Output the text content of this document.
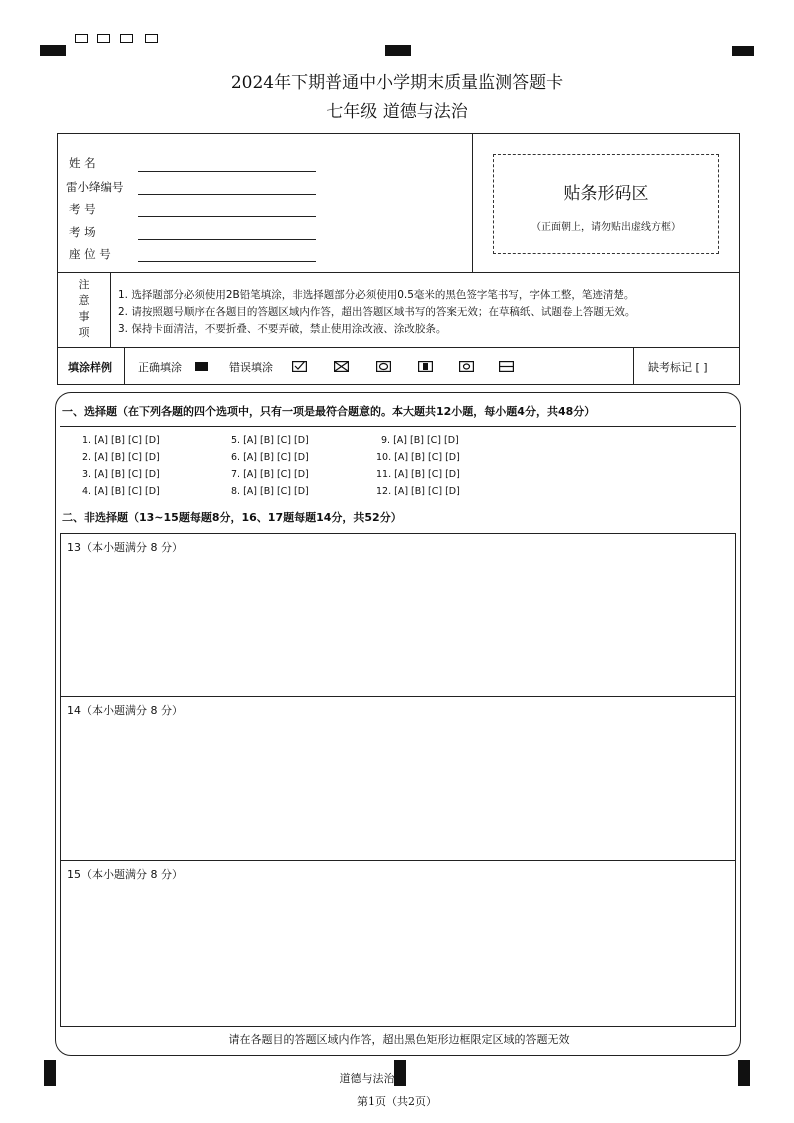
2024年下期普通中小学期末质量监测答题卡
七年级 道德与法治
姓 名
雷小绛编号
考 号
考 场
座 位 号
贴条形码区
（正面朝上，请勿贴出虚线方框）
注
意
事
项
1. 选择题部分必须使用2B铅笔填涂，非选择题部分必须使用0.5毫米的黑色签字笔书写，字体工整，笔迹清楚。
2. 请按照题号顺序在各题目的答题区域内作答，超出答题区域书写的答案无效；在草稿纸、试题卷上答题无效。
3. 保持卡面清洁，不要折叠、不要弄破，禁止使用涂改液、涂改胶条。
填涂样例 正确填涂	错误填涂	缺考标记 [ ]
一、选择题（在下列各题的四个选项中，只有一项是最符合题意的。本大题共12小题，每小题4分，共48分）
1. [A] [B] [C] [D]
2. [A] [B] [C] [D]
3. [A] [B] [C] [D]
4. [A] [B] [C] [D]
5. [A] [B] [C] [D]
6. [A] [B] [C] [D]
7. [A] [B] [C] [D]
8. [A] [B] [C] [D]
9. [A] [B] [C] [D]
10. [A] [B] [C] [D]
11. [A] [B] [C] [D]
12. [A] [B] [C] [D]
二、非选择题（13~15题每题8分，16、17题每题14分，共52分）
13（本小题满分 8 分）
14（本小题满分 8 分）
15（本小题满分 8 分）
请在各题目的答题区域内作答，超出黑色矩形边框限定区域的答题无效
道德与法治
第1页（共2页）
